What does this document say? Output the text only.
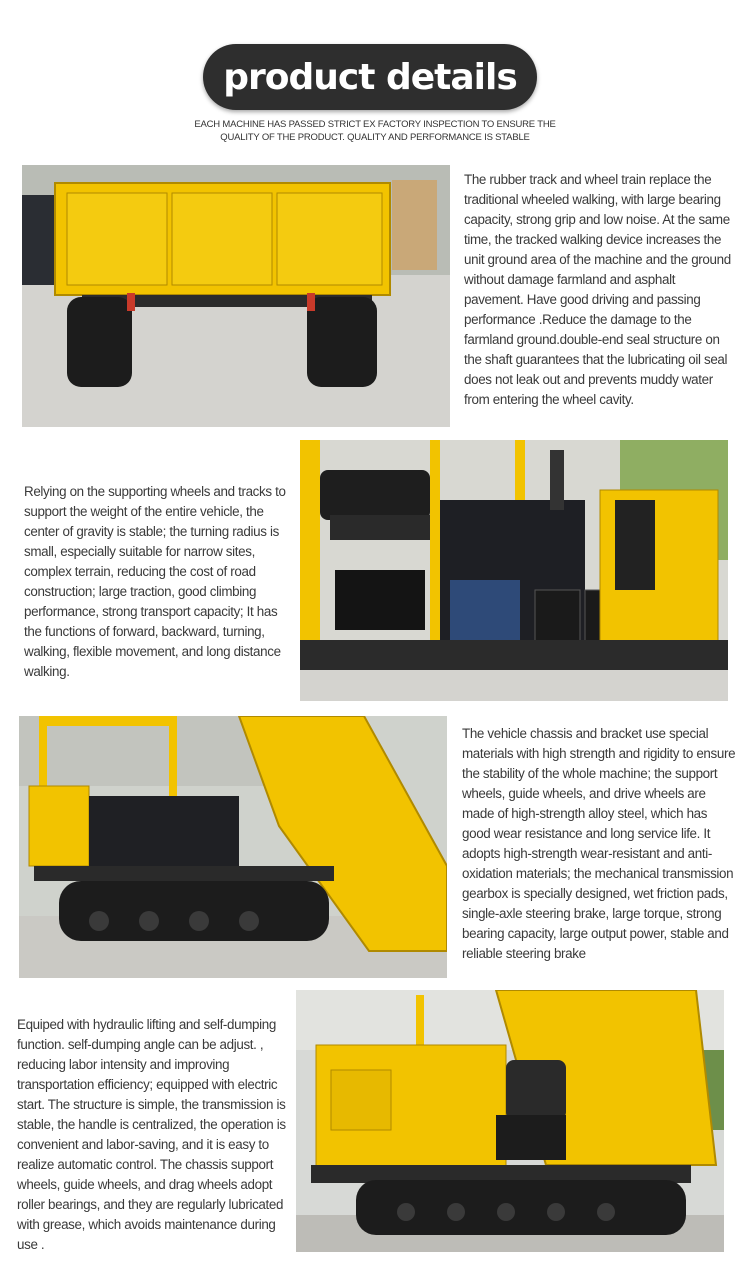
product details
EACH MACHINE HAS PASSED STRICT EX FACTORY INSPECTION TO ENSURE THE QUALITY OF THE PRODUCT. QUALITY AND PERFORMANCE IS STABLE
The rubber track and wheel train replace the traditional wheeled walking, with large bearing capacity, strong grip and low noise. At the same time, the tracked walking device increases the unit ground area of the machine and the ground without damage farmland and asphalt pavement. Have good driving and passing performance .Reduce the damage to the farmland ground.double-end seal structure on the shaft guarantees that the lubricating oil seal does not leak out and prevents muddy water from entering the wheel cavity.
Relying on the supporting wheels and tracks to support the weight of the entire vehicle, the center of gravity is stable; the turning radius is small, especially suitable for narrow sites, complex terrain, reducing the cost of road construction; large traction, good climbing performance, strong transport capacity; It has the functions of forward, backward, turning, walking, flexible movement, and long distance walking.
The vehicle chassis and bracket use special materials with high strength and rigidity to ensure the stability of the whole machine; the support wheels, guide wheels, and drive wheels are made of high-strength alloy steel, which has good wear resistance and long service life. It adopts high-strength wear-resistant and anti-oxidation materials; the mechanical transmission gearbox is specially designed, wet friction pads, single-axle steering brake, large torque, strong bearing capacity, large output power, stable and reliable steering brake
Equiped with hydraulic lifting and self-dumping function. self-dumping angle can be adjust. , reducing labor intensity and improving transportation efficiency; equipped with electric start. The structure is simple, the transmission is stable, the handle is centralized, the operation is convenient and labor-saving, and it is easy to realize automatic control. The chassis support wheels, guide wheels, and drag wheels adopt roller bearings, and they are regularly lubricated with grease, which avoids maintenance during use .
